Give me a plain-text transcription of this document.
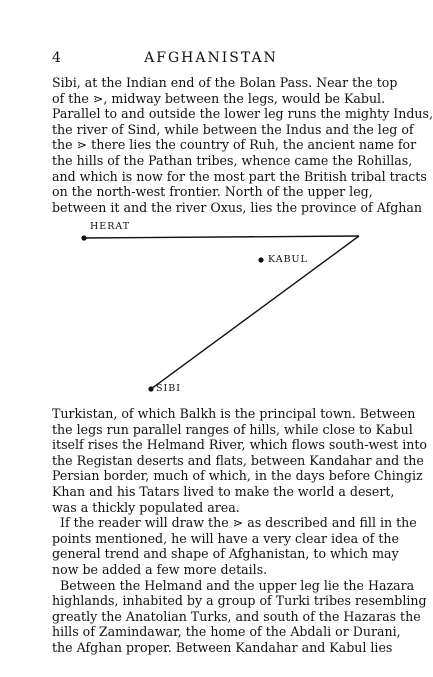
4	AFGHANISTAN
Sibi, at the Indian end of the Bolan Pass. Near the top
of the ⋗, midway between the legs, would be Kabul.
Parallel to and outside the lower leg runs the mighty Indus,
the river of Sind, while between the Indus and the leg of
the ⋗ there lies the country of Ruh, the ancient name for
the hills of the Pathan tribes, whence came the Rohillas,
and which is now for the most part the British tribal tracts
on the north-west frontier. North of the upper leg,
between it and the river Oxus, lies the province of Afghan
HERAT
KABUL
SIBI
Turkistan, of which Balkh is the principal town. Between
the legs run parallel ranges of hills, while close to Kabul
itself rises the Helmand River, which flows south-west into
the Registan deserts and flats, between Kandahar and the
Persian border, much of which, in the days before Chingiz
Khan and his Tatars lived to make the world a desert,
was a thickly populated area.
If the reader will draw the ⋗ as described and fill in the
points mentioned, he will have a very clear idea of the
general trend and shape of Afghanistan, to which may
now be added a few more details.
Between the Helmand and the upper leg lie the Hazara
highlands, inhabited by a group of Turki tribes resembling
greatly the Anatolian Turks, and south of the Hazaras the
hills of Zamindawar, the home of the Abdali or Durani,
the Afghan proper. Between Kandahar and Kabul lies
